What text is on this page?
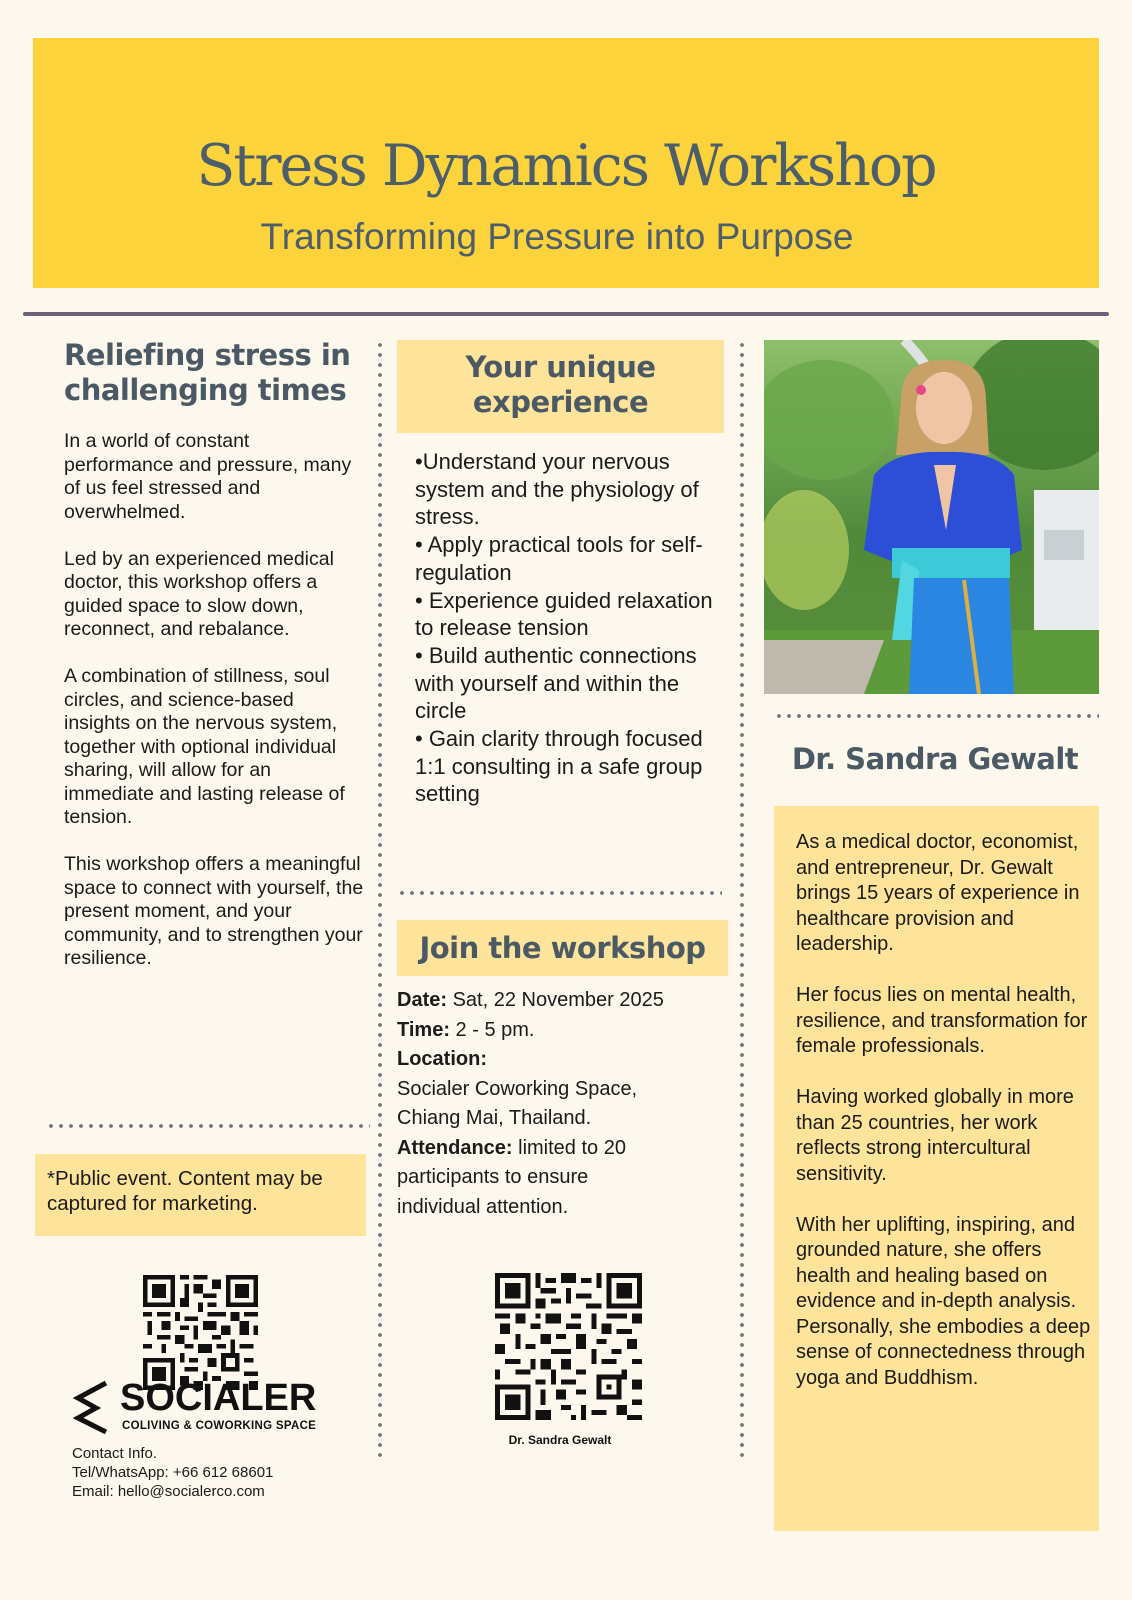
Stress Dynamics Workshop
Transforming Pressure into Purpose
Reliefing stress in challenging times

In a world of constant performance and pressure, many of us feel stressed and overwhelmed.

Led by an experienced medical doctor, this workshop offers a guided space to slow down, reconnect, and rebalance.

A combination of stillness, soul circles, and science-based insights on the nervous system, together with optional individual sharing, will allow for an immediate and lasting release of tension.

This workshop offers a meaningful space to connect with yourself, the present moment, and your community, and to strengthen your resilience.

*Public event. Content may be captured for marketing.
SOCIALER
COLIVING & COWORKING SPACE
Contact Info.
Tel/WhatsApp: +66 612 68601
Email: hello@socialerco.com
Your unique experience
•Understand your nervous system and the physiology of stress.
• Apply practical tools for self-regulation
• Experience guided relaxation to release tension
• Build authentic connections with yourself and within the circle
• Gain clarity through focused 1:1 consulting in a safe group setting
Join the workshop
Date: Sat, 22 November 2025
Time: 2 - 5 pm.
Location:
Socialer Coworking Space, Chiang Mai, Thailand.
Attendance: limited to 20 participants to ensure individual attention.
Dr. Sandra Gewalt
Dr. Sandra Gewalt

As a medical doctor, economist, and entrepreneur, Dr. Gewalt brings 15 years of experience in healthcare provision and leadership.

Her focus lies on mental health, resilience, and transformation for female professionals.

Having worked globally in more than 25 countries, her work reflects strong intercultural sensitivity.

With her uplifting, inspiring, and grounded nature, she offers health and healing based on evidence and in-depth analysis. Personally, she embodies a deep sense of connectedness through yoga and Buddhism.
